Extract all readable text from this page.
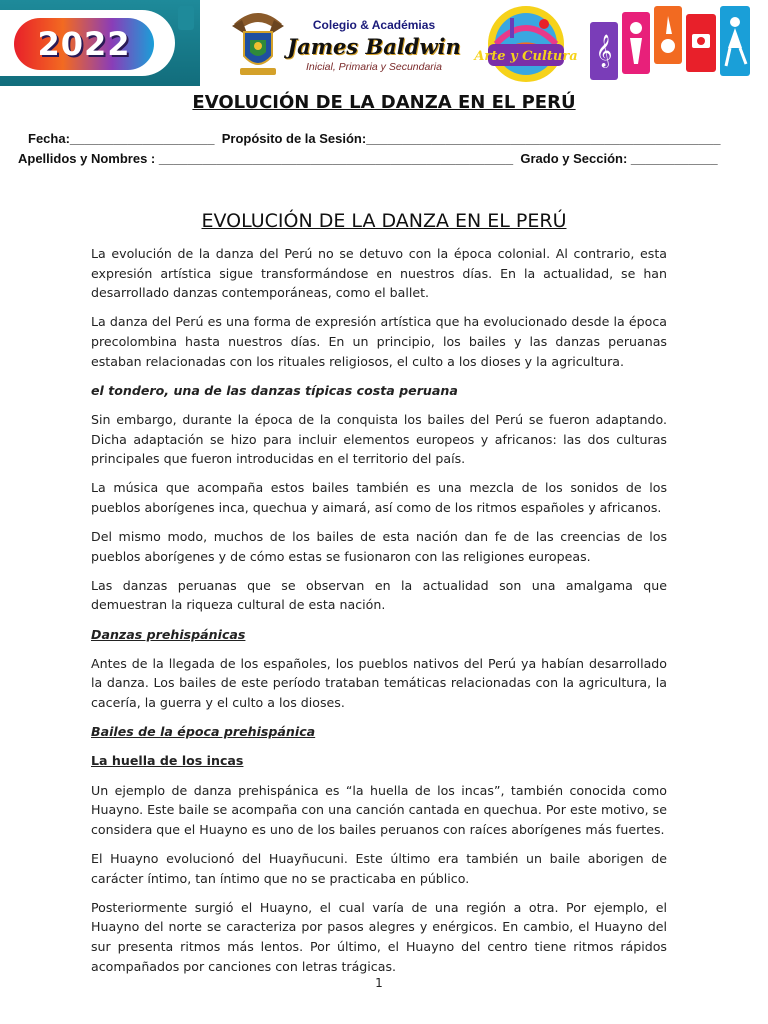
2022	Colegio & Académias
James Baldwin
Inicial, Primaria y Secundaria
Arte y Cultura 𝄞
EVOLUCIÓN DE LA DANZA EN EL PERÚ
Fecha:____________________  Propósito de la Sesión:_________________________________________________
Apellidos y Nombres : _________________________________________________  Grado y Sección: ____________
EVOLUCIÓN DE LA DANZA EN EL PERÚ

La evolución de la danza del Perú no se detuvo con la época colonial. Al contrario, esta expresión artística sigue transformándose en nuestros días. En la actualidad, se han desarrollado danzas contemporáneas, como el ballet.

La danza del Perú es una forma de expresión artística que ha evolucionado desde la época precolombina hasta nuestros días. En un principio, los bailes y las danzas peruanas estaban relacionadas con los rituales religiosos, el culto a los dioses y la agricultura.

el tondero, una de las danzas típicas costa peruana

Sin embargo, durante la época de la conquista los bailes del Perú se fueron adaptando. Dicha adaptación se hizo para incluir elementos europeos y africanos: las dos culturas principales que fueron introducidas en el territorio del país.

La música que acompaña estos bailes también es una mezcla de los sonidos de los pueblos aborígenes inca, quechua y aimará, así como de los ritmos españoles y africanos.

Del mismo modo, muchos de los bailes de esta nación dan fe de las creencias de los pueblos aborígenes y de cómo estas se fusionaron con las religiones europeas.

Las danzas peruanas que se observan en la actualidad son una amalgama que demuestran la riqueza cultural de esta nación.

Danzas prehispánicas

Antes de la llegada de los españoles, los pueblos nativos del Perú ya habían desarrollado la danza. Los bailes de este período trataban temáticas relacionadas con la agricultura, la cacería, la guerra y el culto a los dioses.

Bailes de la época prehispánica

La huella de los incas

Un ejemplo de danza prehispánica es “la huella de los incas”, también conocida como Huayno. Este baile se acompaña con una canción cantada en quechua. Por este motivo, se considera que el Huayno es uno de los bailes peruanos con raíces aborígenes más fuertes.

El Huayno evolucionó del Huayñucuni. Este último era también un baile aborigen de carácter íntimo, tan íntimo que no se practicaba en público.

Posteriormente surgió el Huayno, el cual varía de una región a otra. Por ejemplo, el Huayno del norte se caracteriza por pasos alegres y enérgicos. En cambio, el Huayno del sur presenta ritmos más lentos. Por último, el Huayno del centro tiene ritmos rápidos acompañados por canciones con letras trágicas.

1
